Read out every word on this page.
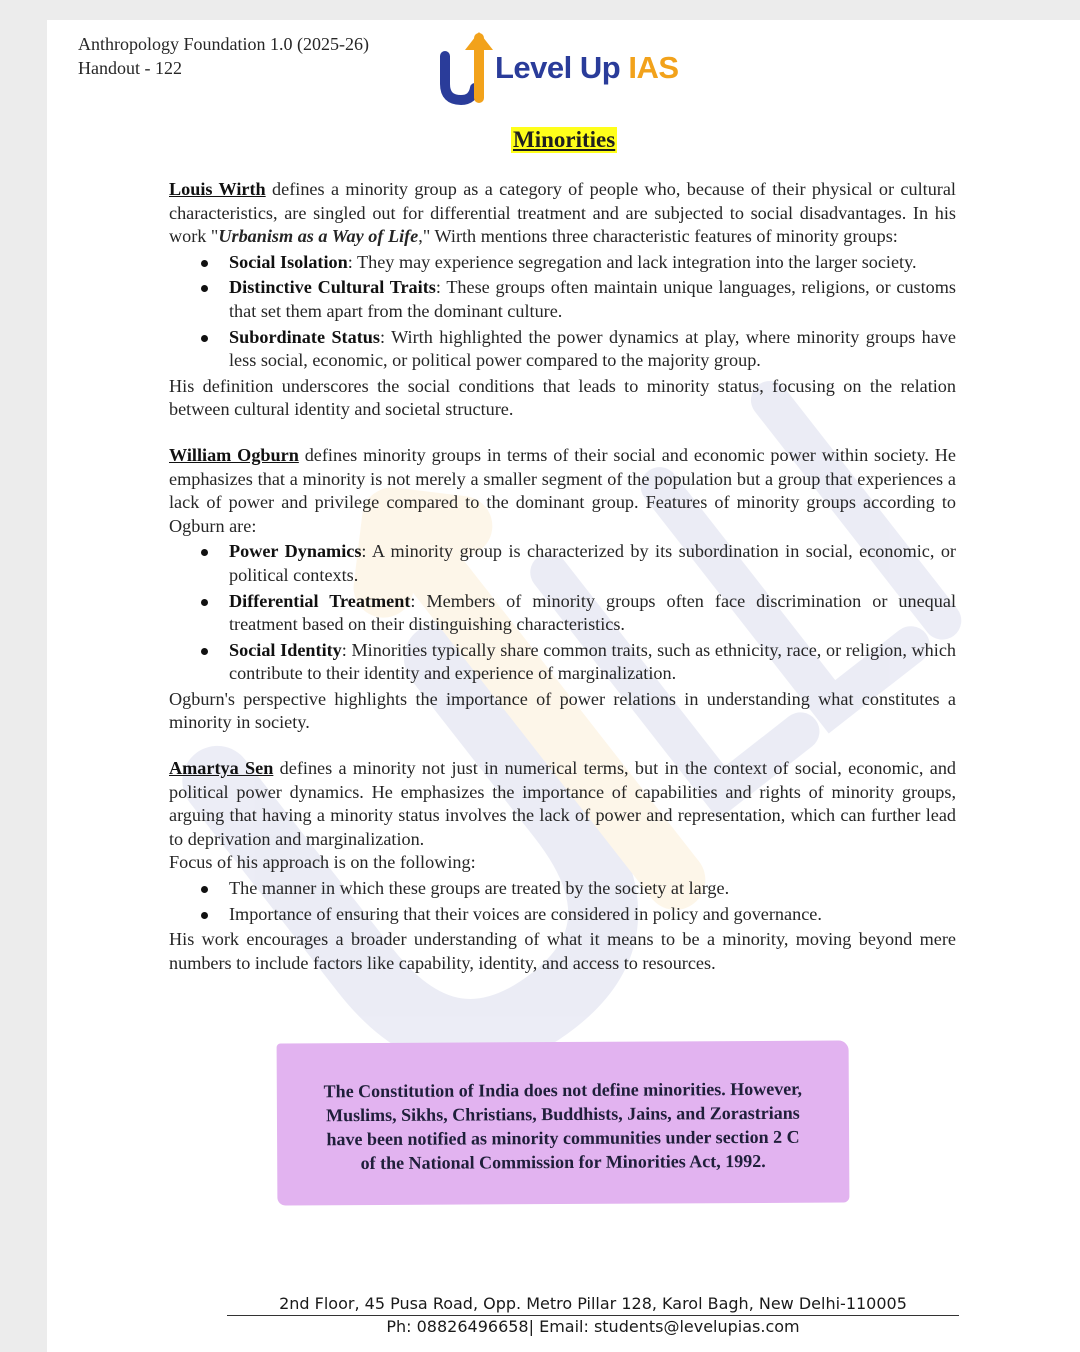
Anthropology Foundation 1.0 (2025-26)
Handout - 122	Level Up IAS
Minorities

Louis Wirth defines a minority group as a category of people who, because of their physical or cultural characteristics, are singled out for differential treatment and are subjected to social disadvantages. In his work "Urbanism as a Way of Life," Wirth mentions three characteristic features of minority groups:

Social Isolation: They may experience segregation and lack integration into the larger society.
Distinctive Cultural Traits: These groups often maintain unique languages, religions, or customs that set them apart from the dominant culture.
Subordinate Status: Wirth highlighted the power dynamics at play, where minority groups have less social, economic, or political power compared to the majority group.

His definition underscores the social conditions that leads to minority status, focusing on the relation between cultural identity and societal structure.

William Ogburn defines minority groups in terms of their social and economic power within society. He emphasizes that a minority is not merely a smaller segment of the population but a group that experiences a lack of power and privilege compared to the dominant group. Features of minority groups according to Ogburn are:

Power Dynamics: A minority group is characterized by its subordination in social, economic, or political contexts.
Differential Treatment: Members of minority groups often face discrimination or unequal treatment based on their distinguishing characteristics.
Social Identity: Minorities typically share common traits, such as ethnicity, race, or religion, which contribute to their identity and experience of marginalization.

Ogburn's perspective highlights the importance of power relations in understanding what constitutes a minority in society.

Amartya Sen defines a minority not just in numerical terms, but in the context of social, economic, and political power dynamics. He emphasizes the importance of capabilities and rights of minority groups, arguing that having a minority status involves the lack of power and representation, which can further lead to deprivation and marginalization.

Focus of his approach is on the following:

The manner in which these groups are treated by the society at large.
Importance of ensuring that their voices are considered in policy and governance.

His work encourages a broader understanding of what it means to be a minority, moving beyond mere numbers to include factors like capability, identity, and access to resources.

The Constitution of India does not define minorities. However,
Muslims, Sikhs, Christians, Buddhists, Jains, and Zorastrians
have been notified as minority communities under section 2 C
of the National Commission for Minorities Act, 1992.
2nd Floor, 45 Pusa Road, Opp. Metro Pillar 128, Karol Bagh, New Delhi-110005
Ph: 08826496658| Email: students@levelupias.com
